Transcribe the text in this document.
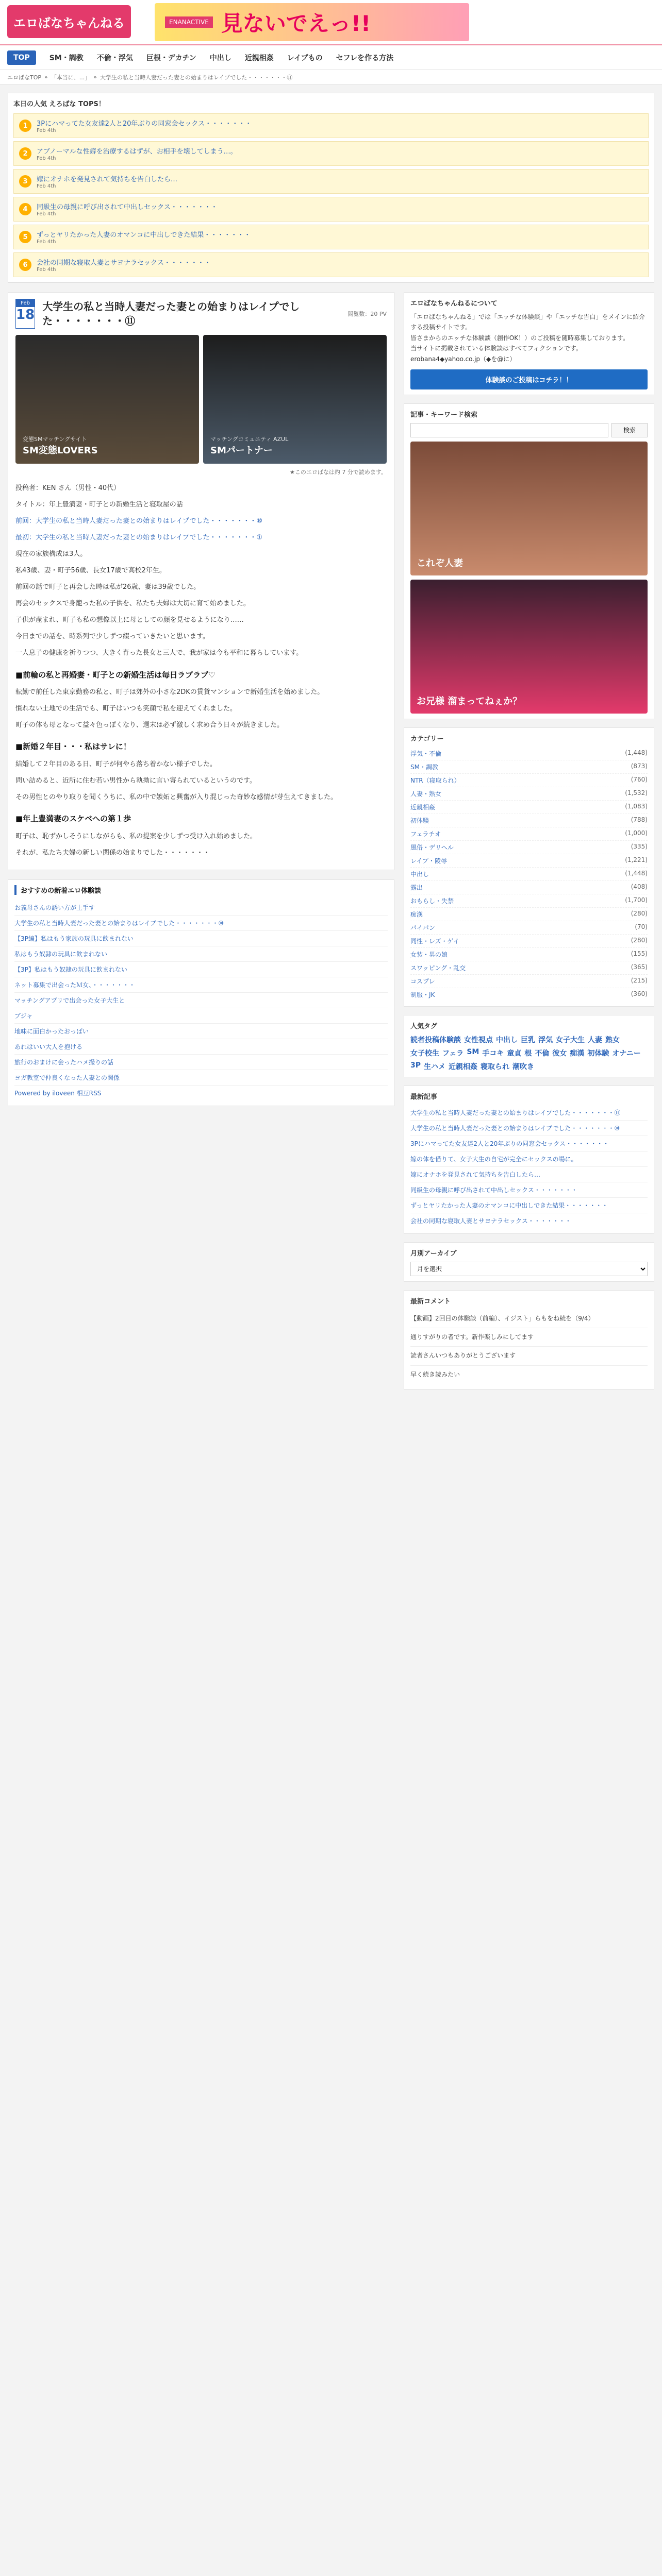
エロばなちゃんねる	ENANACTIVE 見ないでえっ!!
TOP	SM・調教 不倫・浮気 巨根・デカチン 中出し 近親相姦 レイプもの セフレを作る方法
エロばなTOP » 「本当に、...」 » 大学生の私と当時人妻だった妻との始まりはレイプでした・・・・・・・⑪
本日の人気 えろばな TOPS！
1	3Pにハマってた女友達2人と20年ぶりの同窓会セックス・・・・・・・
Feb 4th
2	アブノーマルな性癖を治療するはずが、お相手を壊してしまう…。
Feb 4th
3	嫁にオナホを発見されて気持ちを告白したら…
Feb 4th
4	同級生の母親に呼び出されて中出しセックス・・・・・・・
Feb 4th
5	ずっとヤリたかった人妻のオマンコに中出しできた結果・・・・・・・
Feb 4th
6	会社の同期な寝取人妻とサヨナラセックス・・・・・・・
Feb 4th
Feb
18
大学生の私と当時人妻だった妻との始まりはレイプでした・・・・・・・⑪
閲覧数：20 PV
変態SMマッチングサイト
SM変態LOVERS
マッチングコミュニティ AZUL
SMパートナー
★このエロばなは約 7 分で読めます。

投稿者：KEN さん（男性・40代）

タイトル：年上豊満妻・町子との新婚生活と寝取屋の話

前回：大学生の私と当時人妻だった妻との始まりはレイプでした・・・・・・・⑩

最初：大学生の私と当時人妻だった妻との始まりはレイプでした・・・・・・・①

現在の家族構成は3人。

私43歳、妻・町子56歳、長女17歳で高校2年生。

前回の話で町子と再会した時は私が26歳、妻は39歳でした。

再会のセックスで身籠った私の子供を、私たち夫婦は大切に育て始めました。

子供が産まれ、町子も私の想像以上に母としての顔を見せるようになり……

今日までの話を、時系列で少しずつ綴っていきたいと思います。

一人息子の健康を祈りつつ、大きく育った長女と三人で、我が家は今も平和に暮らしています。

■前輪の私と再婚妻・町子との新婚生活は毎日ラブラブ♡

転勤で前任した東京勤務の私と、町子は郊外の小さな2DKの賃貸マンションで新婚生活を始めました。

慣れない土地での生活でも、町子はいつも笑顔で私を迎えてくれました。

町子の体も母となって益々色っぽくなり、週末は必ず激しく求め合う日々が続きました。

■新婚２年目・・・私はサレに！

結婚して２年目のある日、町子が何やら落ち着かない様子でした。

問い詰めると、近所に住む若い男性から執拗に言い寄られているというのです。

その男性とのやり取りを聞くうちに、私の中で嫉妬と興奮が入り混じった奇妙な感情が芽生えてきました。

■年上豊満妻のスケベへの第１歩

町子は、恥ずかしそうにしながらも、私の提案を少しずつ受け入れ始めました。

それが、私たち夫婦の新しい関係の始まりでした・・・・・・・

おすすめの新着エロ体験談
お義母さんの誘い方が上手す
大学生の私と当時人妻だった妻との始まりはレイプでした・・・・・・・⑩
【3P編】私はもう家族の玩具に飲まれない
私はもう奴隷の玩具に飲まれない
【3P】私はもう奴隷の玩具に飲まれない
ネット募集で出会ったＭ女、・・・・・・・
マッチングアプリで出会った女子大生と
ブジャ
地味に面白かったおっぱい
あれはいい大人を抱ける
旅行のおまけに会ったハメ撮りの話
ヨガ教室で仲良くなった人妻との関係
Powered by iloveen 相互RSS
エロばなちゃんねるについて

「エロばなちゃんねる」では「エッチな体験談」や「エッチな告白」をメインに紹介する投稿サイトです。

皆さまからのエッチな体験談（創作OK！）のご投稿を随時募集しております。

当サイトに掲載されている体験談はすべてフィクションです。

erobana4◆yahoo.co.jp（◆を@に）

体験談のご投稿はコチラ！！
記事・キーワード検索
検索
これぞ人妻
お兄様 溜まってねぇか？
カテゴリー
浮気・不倫	(1,448)
SM・調教	(873)
NTR（寝取られ）	(760)
人妻・熟女	(1,532)
近親相姦	(1,083)
初体験	(788)
フェラチオ	(1,000)
風俗・デリヘル	(335)
レイプ・陵辱	(1,221)
中出し	(1,448)
露出	(408)
おもらし・失禁	(1,700)
痴漢	(280)
パイパン	(70)
同性・レズ・ゲイ	(280)
女装・男の娘	(155)
スワッピング・乱交	(365)
コスプレ	(215)
制服・JK	(360)
人気タグ
読者投稿体験談 女性視点 中出し 巨乳 浮気 女子大生 人妻 熟女
女子校生 フェラ SM 手コキ 童貞 根 不倫 彼女 痴漢 初体験 オナニー
3P 生ハメ 近親相姦 寝取られ 潮吹き
最新記事
大学生の私と当時人妻だった妻との始まりはレイプでした・・・・・・・⑪
大学生の私と当時人妻だった妻との始まりはレイプでした・・・・・・・⑩
3Pにハマってた女友達2人と20年ぶりの同窓会セックス・・・・・・・
嫁の体を借りて、女子大生の自宅が完全にセックスの場に。
嫁にオナホを発見されて気持ちを告白したら…
同級生の母親に呼び出されて中出しセックス・・・・・・・
ずっとヤリたかった人妻のオマンコに中出しできた結果・・・・・・・
会社の同期な寝取人妻とサヨナラセックス・・・・・・・
月別アーカイブ
月を選択
最新コメント
【動画】2回目の体験談（前編）、イジスト」らもをね続を（9/4）
通りすがりの者です。新作楽しみにしてます
読者さんいつもありがとうございます
早く続き読みたい
